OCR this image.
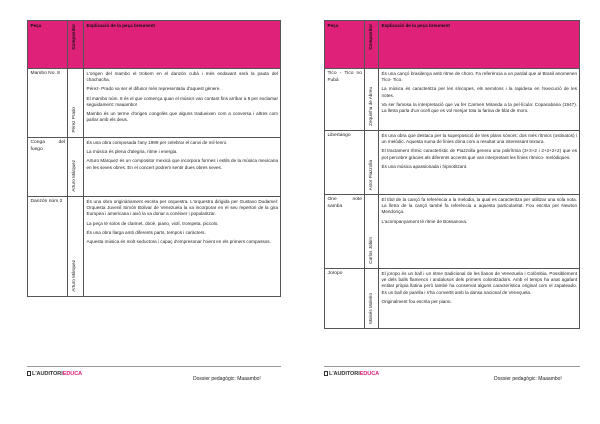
Peça	Compositor	Explicació de la peça breument
Mambo No. 8	Pérez Prado	L'origen del mambo el trobem en el danzón cubà i més endavant serà la pauta del chachacha.

Pérez- Prado va ser el difusor més representatiu d'aquest gènere.

El mambo núm. 8 és el que comença quan el músics van contant fins arribar a 8 per exclamar seguidament: maaambo!

Mambo és un terme d'origen congolès que alguns tradueixen com a conversa i altres com parlar amb els deus.

Conga del fuego	Arturo Márquez	És una obra composada l'any 1999 per celebrar el canvi de mil·lenni.

La música és plena d'alegria, ritme i energia.

Arturo Márquez és un compositor mexicà que incorpora formes i estils de la música mexicana en les seves obres. En el concert podrem sentir dues obres seves.

Danzón núm 2	Arturo Márquez	És una obra originàriament escrita per orquestra. L'orquestra dirigida per Gustavo Dudamel: Orquesta Juvenil Simón Bolivar de Venezuela la va incorporar en el seu repertori de la gira Europea i americana i això la va donar a conèixer i popularitzar.

La peça té solos de clarinet, oboè, piano, violí, trompeta, piccolo.

És una obra llarga amb diferents parts, tempos i caràcters.

Aquesta música és molt seductora i capaç d'empresonar l'oient en els primers compassos.

L'AUDITORIEDUCA
Dossier pedagògic: Maaambo!
Peça	Compositor	Explicació de la peça breument

Tico - Tico no Fubá	Zequinha de Abreu	És una cançó brasilenya amb ritme de choro. Fa referència a un pardal que al Brasil anomenen Tico- Tico.

La música és caracteritza per les síncopes, els semitons i la rapidesa en l'execució de les notes.

Va ser famosa la interpretació que va fer Carmen Miranda a la pel·lícula: Copacabana (1947). La lletra parla d'un ocell que es vol menjar tota la farina de blat de moro.

Libertango	Astor Piazzolla	És una obra que destaca per la superposició de tres plans sonors: dos més rítmics (ostinatos) i un melòdic. Aquesta suma de línies dóna com a resultat una interessant textura.

El tractament rítmic característic de Piazzolla genera una polirítmia (3+3+2 i 2+2+2+2) que es pot percebre gràcies als diferents accents que van interpretant les línies rítmico- melòdiques.

És una música apassionada i hipnotitzant.

One note samba	Carlos Jobim	El títol de la cançó fa referència a la melodia, la qual es caracteritza per utilitzar una sola nota. La lletra de la cançó també fa referència a aquesta particularitat. Fou escrita per Newton Mendonça.

L'acompanyament té ritme de Bossanova.

Joropo	Moisés Moleiro	El joropo és un ball i un ritme tradicional de les llanos de Venezuela i Colòmbia. Possiblement ve dels balls flamencs i andalusos dels primers colonitzadors. Amb el temps ha anat agafant entitat pròpia llatina però també ha conservat alguns característica original com el zapateado. Es un ball de parella i s'ha convertit amb la dansa nacional de Veneçuela.

Originalment fou escrita per piano.

L'AUDITORIEDUCA
Dossier pedagògic: Maaambo!
